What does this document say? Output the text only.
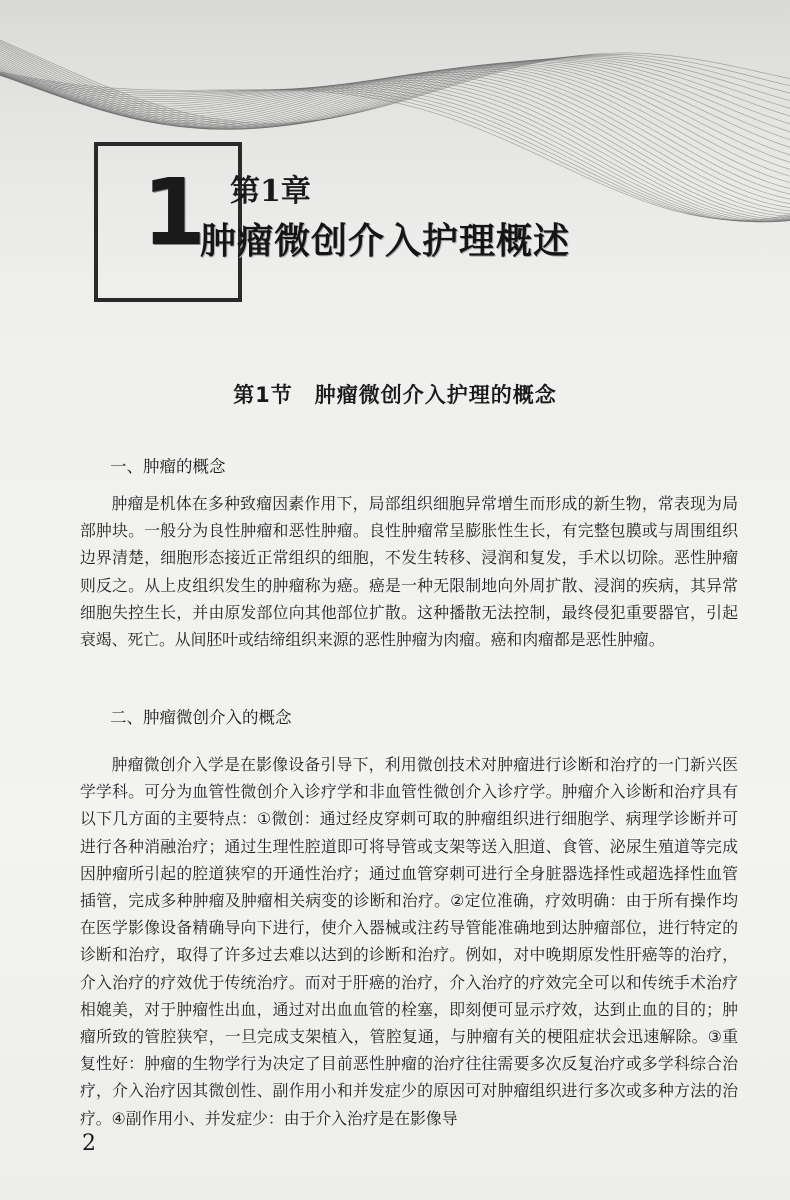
1 第1章
肿瘤微创介入护理概述
第1节　肿瘤微创介入护理的概念
一、肿瘤的概念

肿瘤是机体在多种致瘤因素作用下，局部组织细胞异常增生而形成的新生物，常表现为局部肿块。一般分为良性肿瘤和恶性肿瘤。良性肿瘤常呈膨胀性生长，有完整包膜或与周围组织边界清楚，细胞形态接近正常组织的细胞，不发生转移、浸润和复发，手术以切除。恶性肿瘤则反之。从上皮组织发生的肿瘤称为癌。癌是一种无限制地向外周扩散、浸润的疾病，其异常细胞失控生长，并由原发部位向其他部位扩散。这种播散无法控制，最终侵犯重要器官，引起衰竭、死亡。从间胚叶或结缔组织来源的恶性肿瘤为肉瘤。癌和肉瘤都是恶性肿瘤。

二、肿瘤微创介入的概念

肿瘤微创介入学是在影像设备引导下，利用微创技术对肿瘤进行诊断和治疗的一门新兴医学学科。可分为血管性微创介入诊疗学和非血管性微创介入诊疗学。肿瘤介入诊断和治疗具有以下几方面的主要特点：①微创：通过经皮穿刺可取的肿瘤组织进行细胞学、病理学诊断并可进行各种消融治疗；通过生理性腔道即可将导管或支架等送入胆道、食管、泌尿生殖道等完成因肿瘤所引起的腔道狭窄的开通性治疗；通过血管穿刺可进行全身脏器选择性或超选择性血管插管，完成多种肿瘤及肿瘤相关病变的诊断和治疗。②定位准确，疗效明确：由于所有操作均在医学影像设备精确导向下进行，使介入器械或注药导管能准确地到达肿瘤部位，进行特定的诊断和治疗，取得了许多过去难以达到的诊断和治疗。例如，对中晚期原发性肝癌等的治疗，介入治疗的疗效优于传统治疗。而对于肝癌的治疗，介入治疗的疗效完全可以和传统手术治疗相媲美，对于肿瘤性出血，通过对出血血管的栓塞，即刻便可显示疗效，达到止血的目的；肿瘤所致的管腔狭窄，一旦完成支架植入，管腔复通，与肿瘤有关的梗阻症状会迅速解除。③重复性好：肿瘤的生物学行为决定了目前恶性肿瘤的治疗往往需要多次反复治疗或多学科综合治疗，介入治疗因其微创性、副作用小和并发症少的原因可对肿瘤组织进行多次或多种方法的治疗。④副作用小、并发症少：由于介入治疗是在影像导

2
